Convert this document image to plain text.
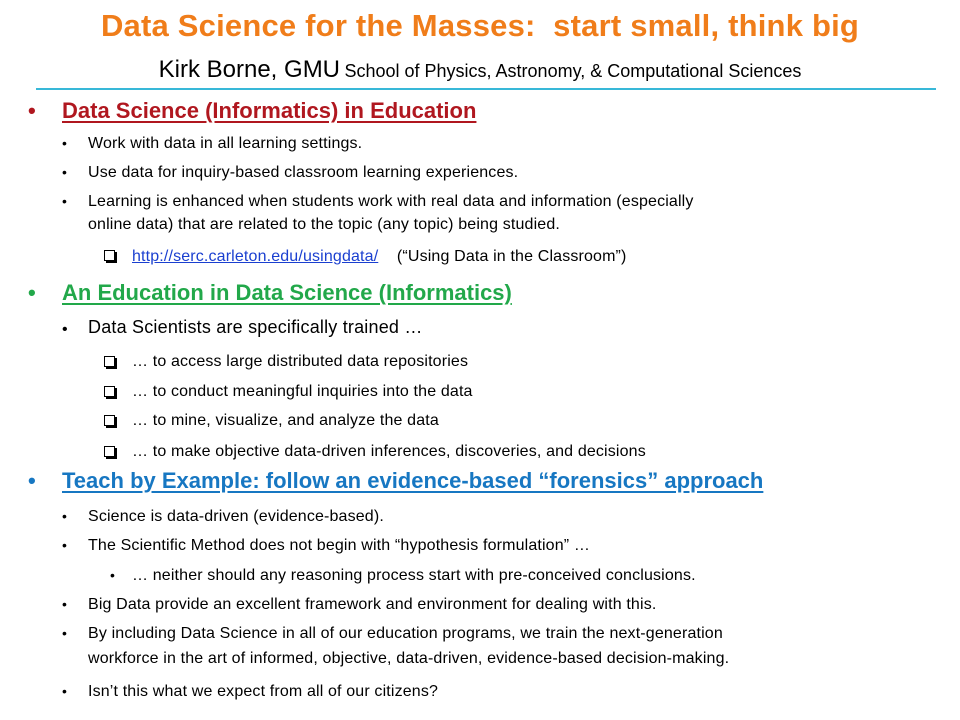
Data Science for the Masses:  start small, think big
Kirk Borne, GMU School of Physics, Astronomy, & Computational Sciences
• Data Science (Informatics) in Education
• Work with data in all learning settings.
• Use data for inquiry-based classroom learning experiences.
• Learning is enhanced when students work with real data and information (especially
online data) that are related to the topic (any topic) being studied.
http://serc.carleton.edu/usingdata/ (“Using Data in the Classroom”)
• An Education in Data Science (Informatics)
• Data Scientists are specifically trained …
… to access large distributed data repositories
… to conduct meaningful inquiries into the data
… to mine, visualize, and analyze the data
… to make objective data-driven inferences, discoveries, and decisions
• Teach by Example: follow an evidence-based “forensics” approach
• Science is data-driven (evidence-based).
• The Scientific Method does not begin with “hypothesis formulation” …
• … neither should any reasoning process start with pre-conceived conclusions.
• Big Data provide an excellent framework and environment for dealing with this.
• By including Data Science in all of our education programs, we train the next-generation
workforce in the art of informed, objective, data-driven, evidence-based decision-making.
• Isn’t this what we expect from all of our citizens?
